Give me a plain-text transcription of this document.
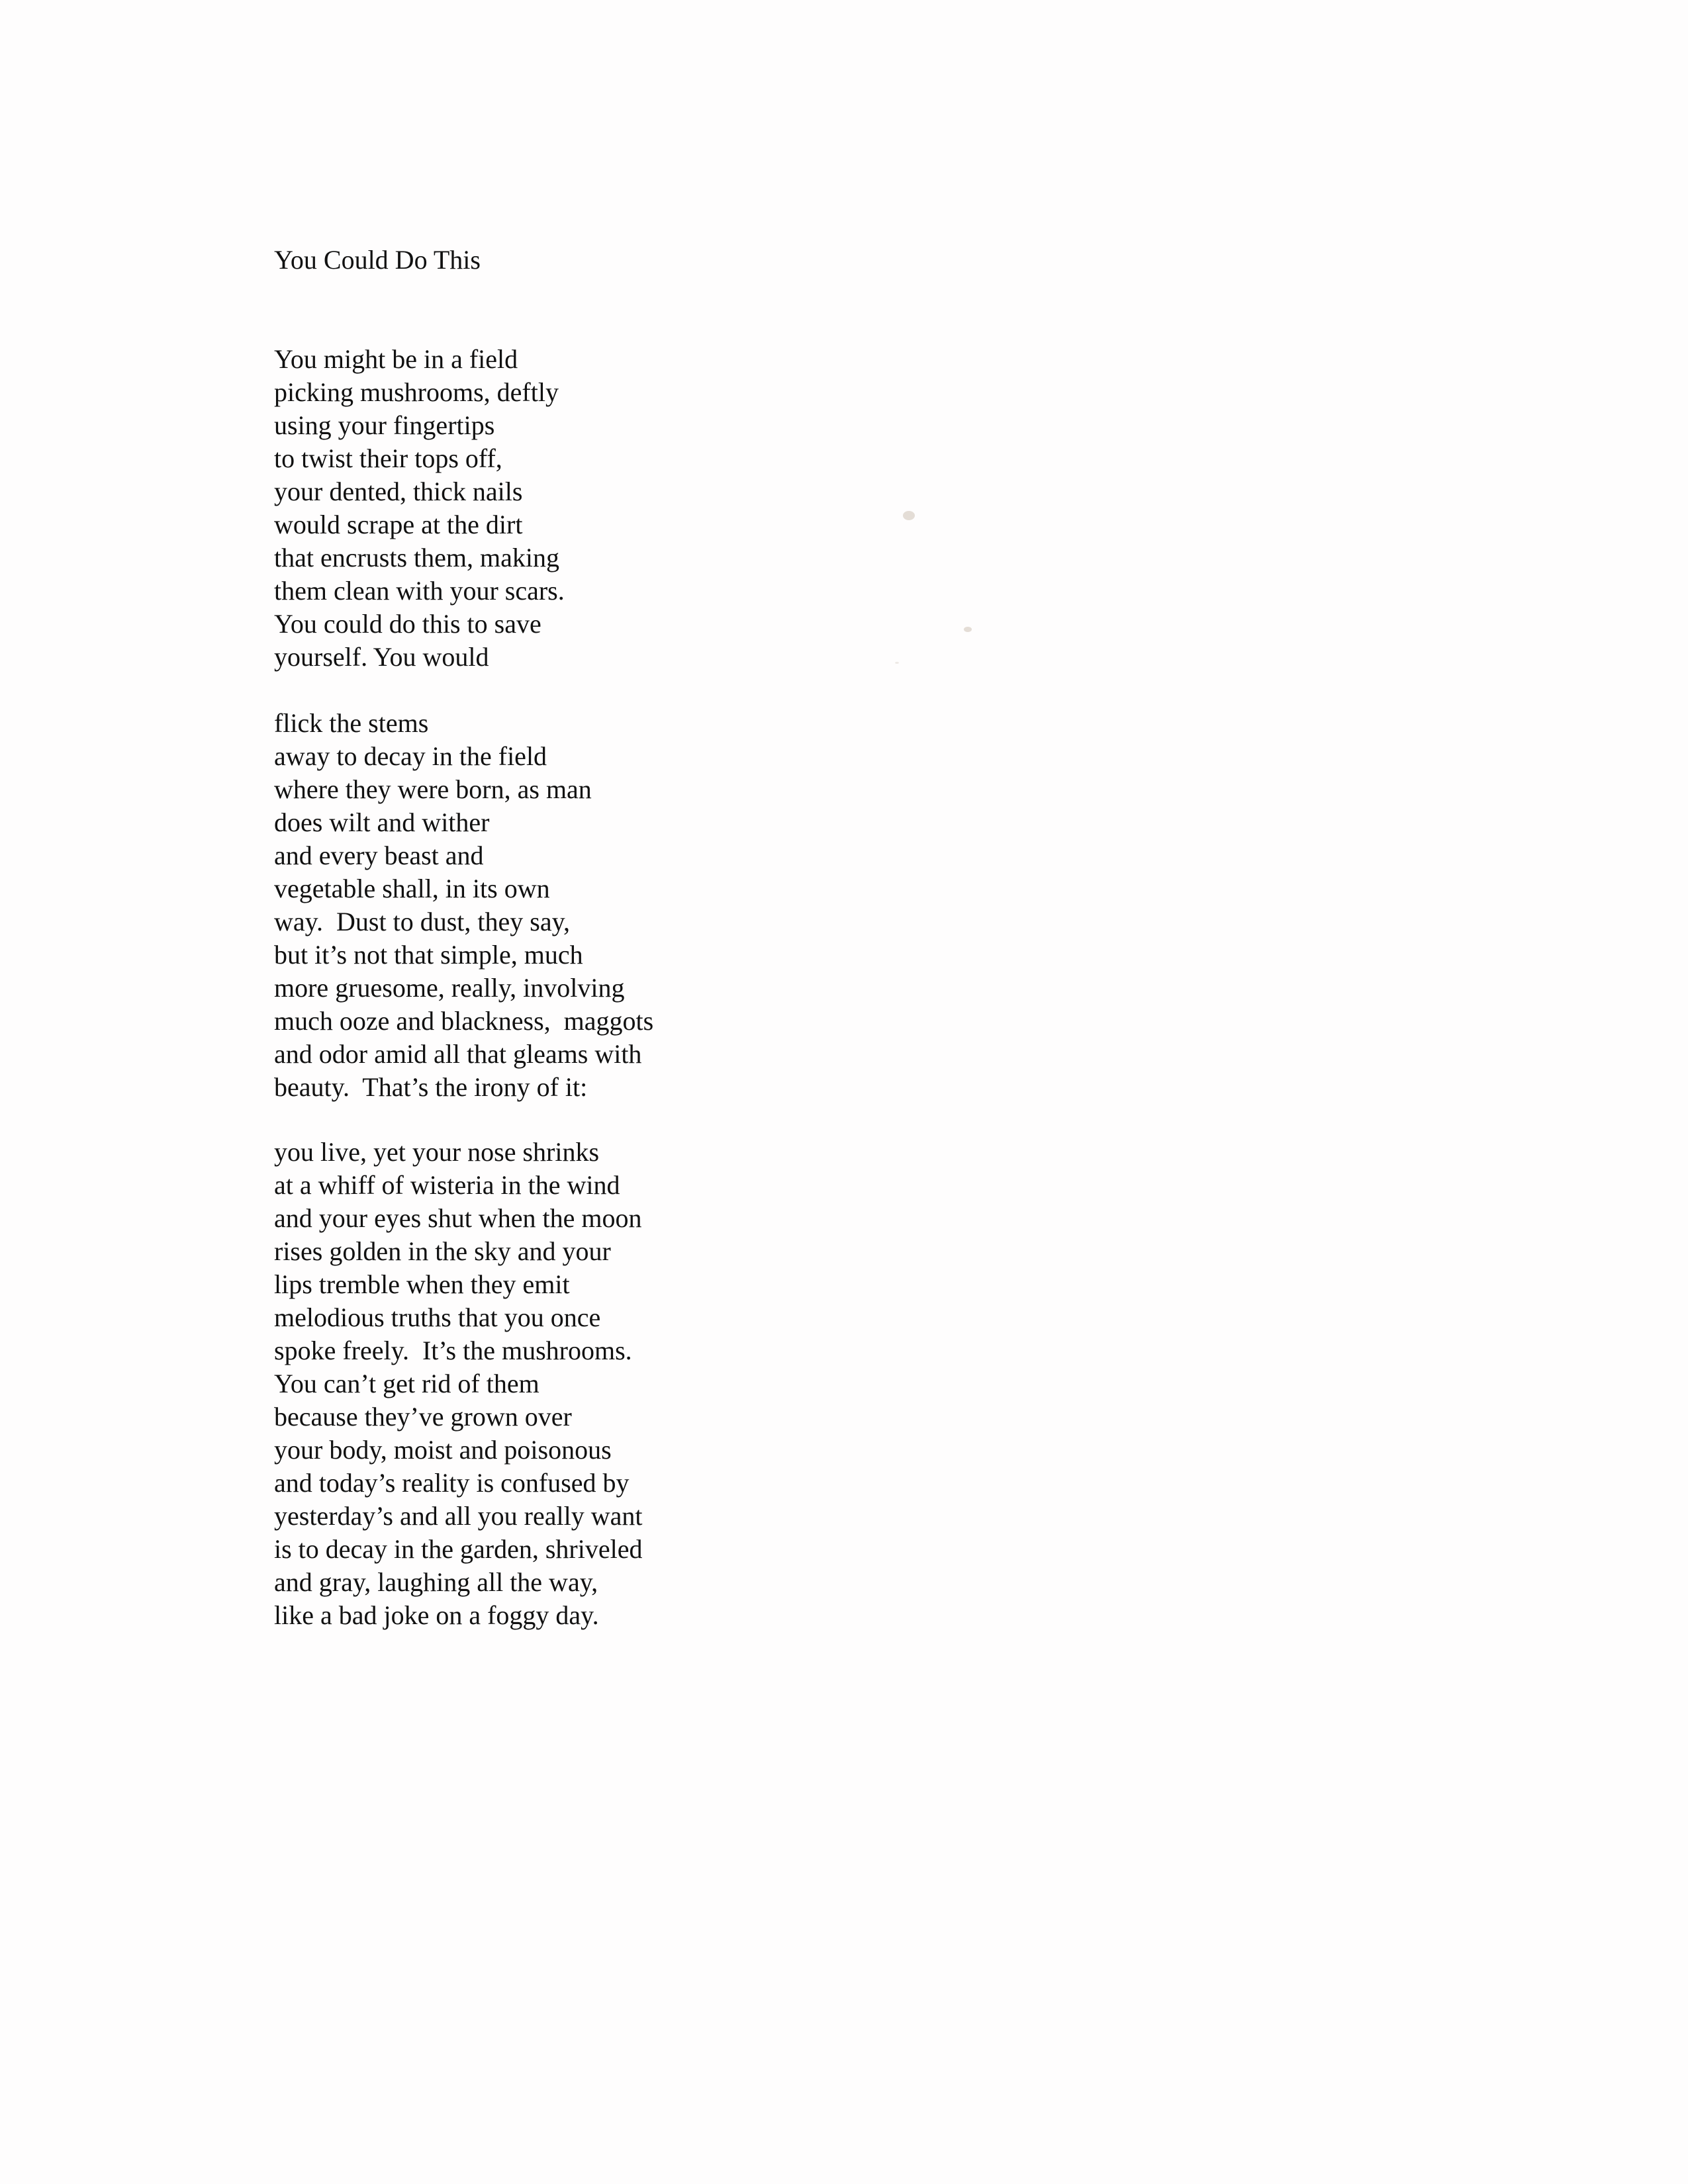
You Could Do This
You might be in a field
picking mushrooms, deftly
using your fingertips
to twist their tops off,
your dented, thick nails
would scrape at the dirt
that encrusts them, making
them clean with your scars.
You could do this to save
yourself. You would
flick the stems
away to decay in the field
where they were born, as man
does wilt and wither
and every beast and
vegetable shall, in its own
way.  Dust to dust, they say,
but it’s not that simple, much
more gruesome, really, involving
much ooze and blackness,  maggots
and odor amid all that gleams with
beauty.  That’s the irony of it:
you live, yet your nose shrinks
at a whiff of wisteria in the wind
and your eyes shut when the moon
rises golden in the sky and your
lips tremble when they emit
melodious truths that you once
spoke freely.  It’s the mushrooms.
You can’t get rid of them
because they’ve grown over
your body, moist and poisonous
and today’s reality is confused by
yesterday’s and all you really want
is to decay in the garden, shriveled
and gray, laughing all the way,
like a bad joke on a foggy day.
